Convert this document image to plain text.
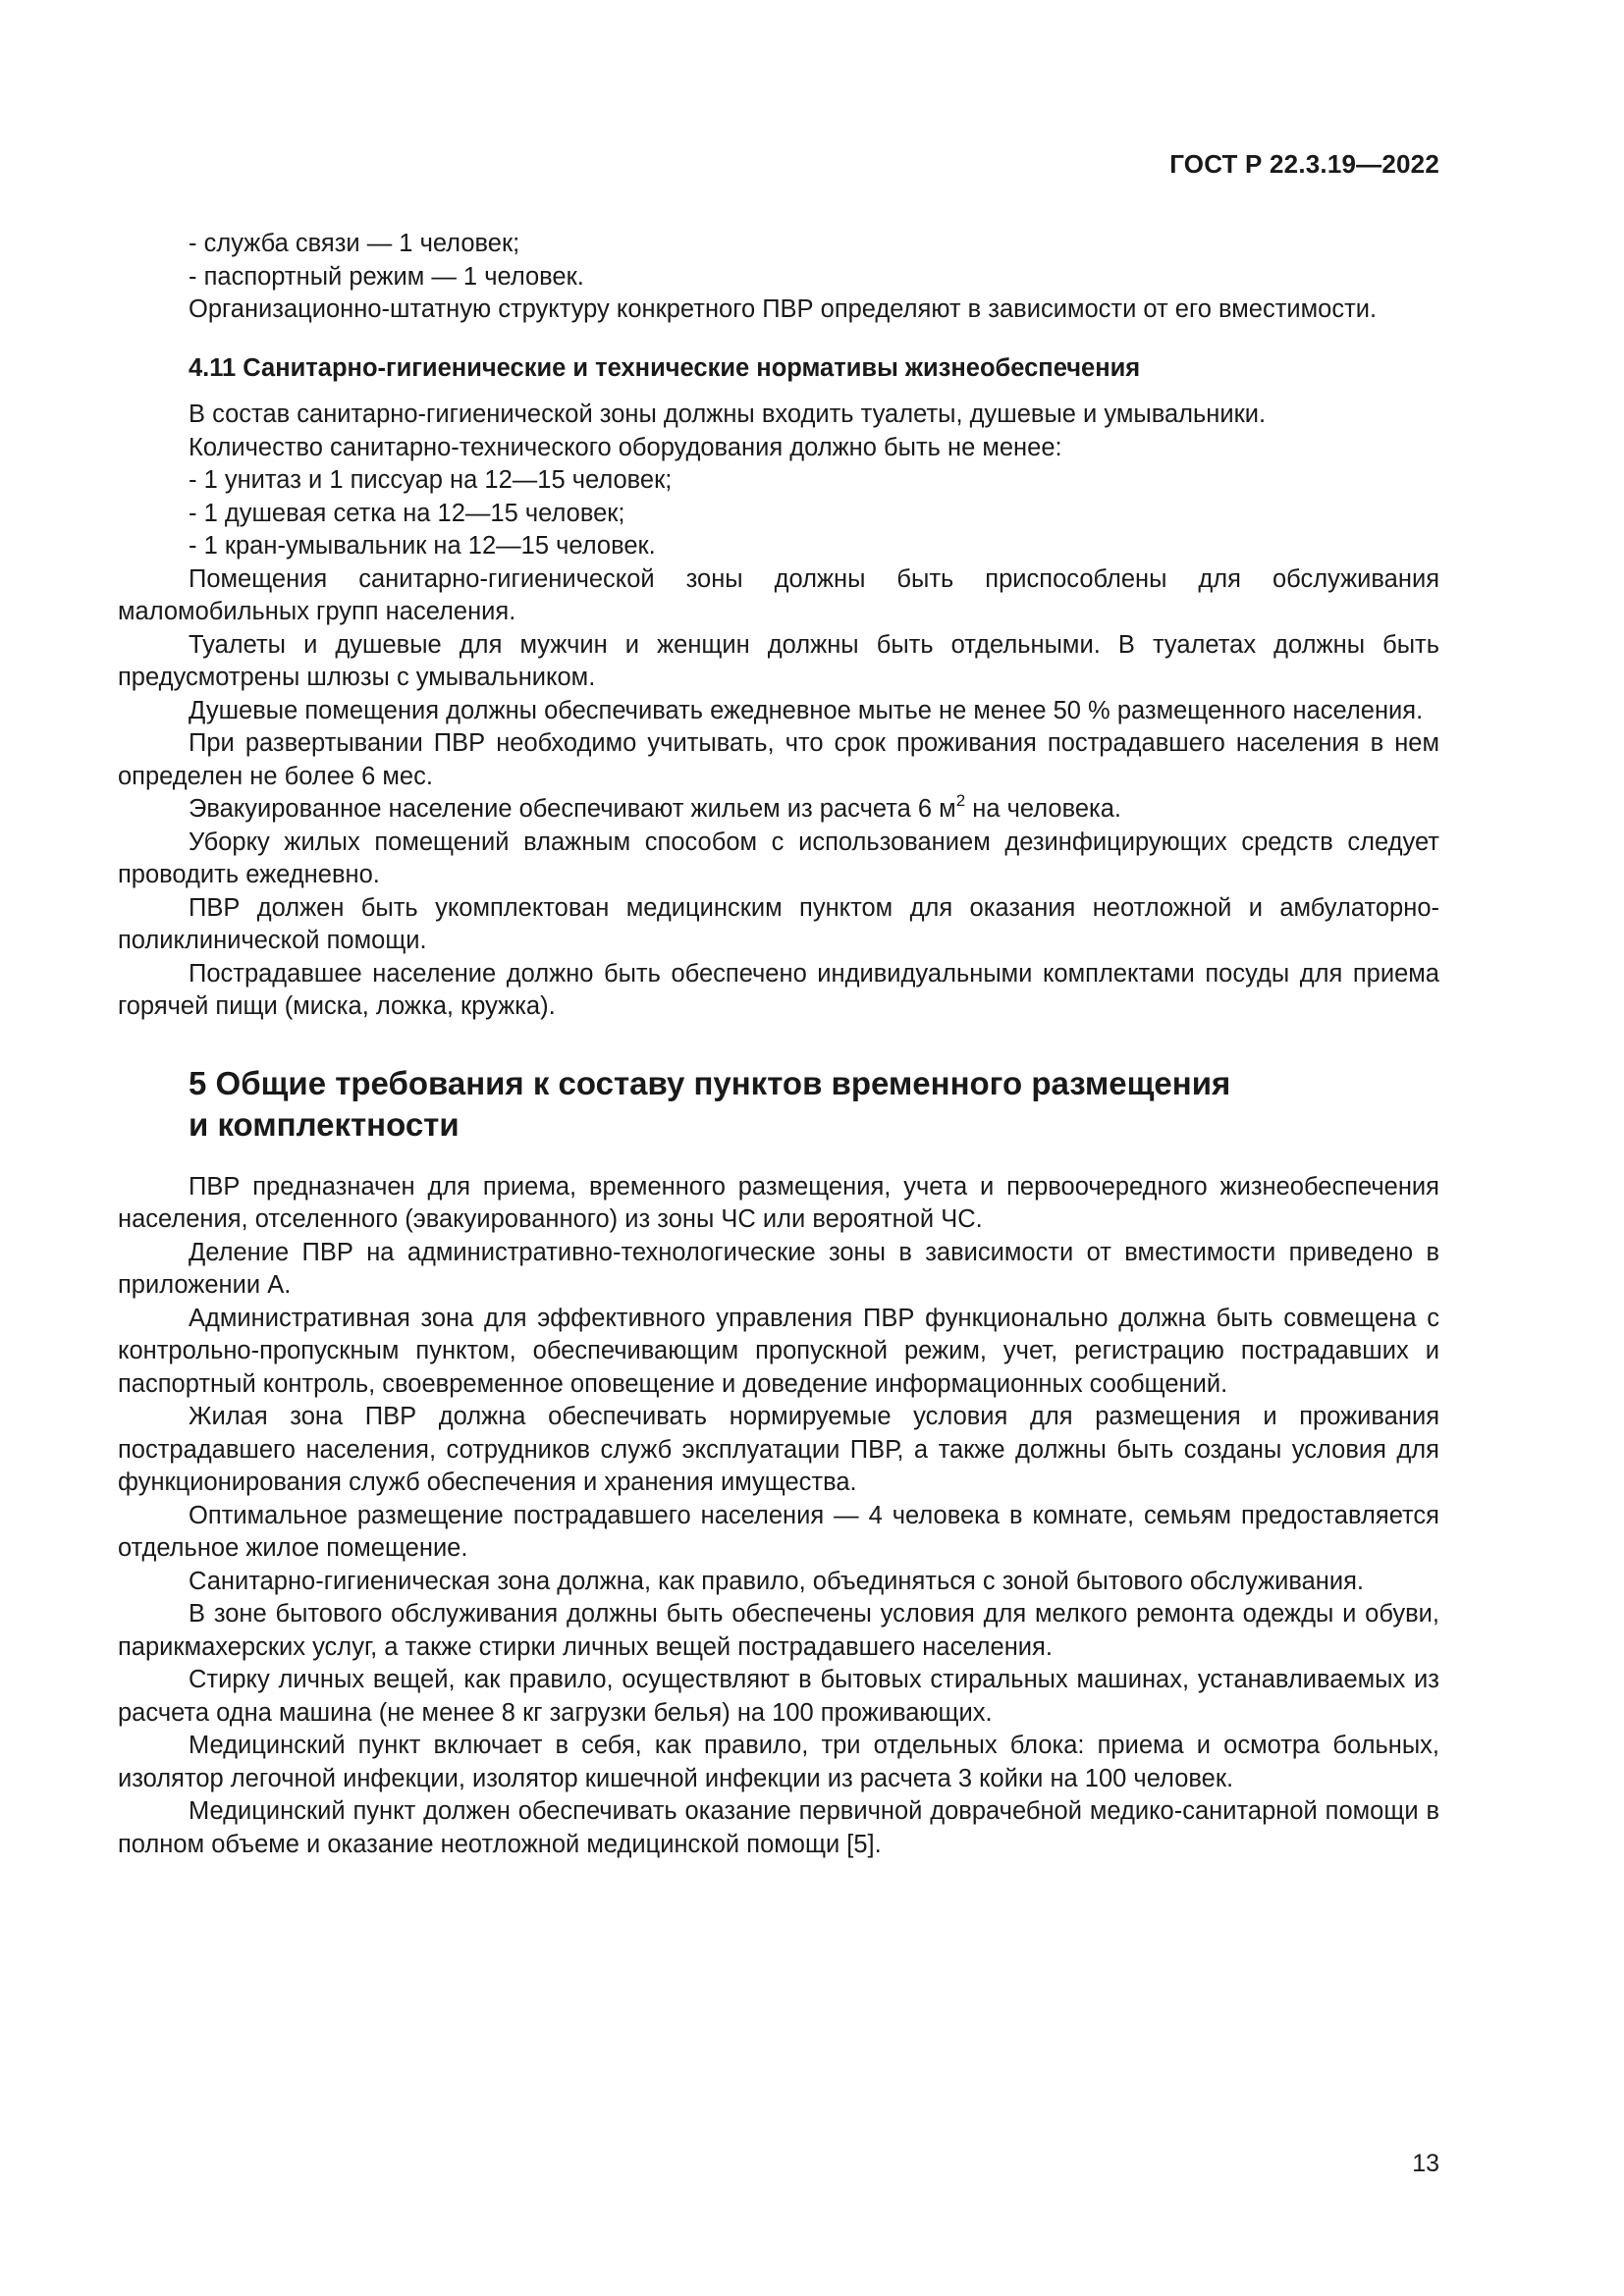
ГОСТ Р 22.3.19—2022

- служба связи — 1 человек;

- паспортный режим — 1 человек.

Организационно-штатную структуру конкретного ПВР определяют в зависимости от его вместимости.

4.11 Санитарно-гигиенические и технические нормативы жизнеобеспечения

В состав санитарно-гигиенической зоны должны входить туалеты, душевые и умывальники.

Количество санитарно-технического оборудования должно быть не менее:

- 1 унитаз и 1 писсуар на 12—15 человек;

- 1 душевая сетка на 12—15 человек;

- 1 кран-умывальник на 12—15 человек.

Помещения санитарно-гигиенической зоны должны быть приспособлены для обслуживания маломобильных групп населения.

Туалеты и душевые для мужчин и женщин должны быть отдельными. В туалетах должны быть предусмотрены шлюзы с умывальником.

Душевые помещения должны обеспечивать ежедневное мытье не менее 50 % размещенного населения.

При развертывании ПВР необходимо учитывать, что срок проживания пострадавшего населения в нем определен не более 6 мес.

Эвакуированное население обеспечивают жильем из расчета 6 $м^2$ на человека.

Уборку жилых помещений влажным способом с использованием дезинфицирующих средств следует проводить ежедневно.

ПВР должен быть укомплектован медицинским пунктом для оказания неотложной и амбулаторно-поликлинической помощи.

Пострадавшее население должно быть обеспечено индивидуальными комплектами посуды для приема горячей пищи (миска, ложка, кружка).

5 Общие требования к составу пунктов временного размещения

и комплектности

ПВР предназначен для приема, временного размещения, учета и первоочередного жизнеобеспечения населения, отселенного (эвакуированного) из зоны ЧС или вероятной ЧС.

Деление ПВР на административно-технологические зоны в зависимости от вместимости приведено в приложении А.

Административная зона для эффективного управления ПВР функционально должна быть совмещена с контрольно-пропускным пунктом, обеспечивающим пропускной режим, учет, регистрацию пострадавших и паспортный контроль, своевременное оповещение и доведение информационных сообщений.

Жилая зона ПВР должна обеспечивать нормируемые условия для размещения и проживания пострадавшего населения, сотрудников служб эксплуатации ПВР, а также должны быть созданы условия для функционирования служб обеспечения и хранения имущества.

Оптимальное размещение пострадавшего населения — 4 человека в комнате, семьям предоставляется отдельное жилое помещение.

Санитарно-гигиеническая зона должна, как правило, объединяться с зоной бытового обслуживания.

В зоне бытового обслуживания должны быть обеспечены условия для мелкого ремонта одежды и обуви, парикмахерских услуг, а также стирки личных вещей пострадавшего населения.

Стирку личных вещей, как правило, осуществляют в бытовых стиральных машинах, устанавливаемых из расчета одна машина (не менее 8 кг загрузки белья) на 100 проживающих.

Медицинский пункт включает в себя, как правило, три отдельных блока: приема и осмотра больных, изолятор легочной инфекции, изолятор кишечной инфекции из расчета 3 койки на 100 человек.

Медицинский пункт должен обеспечивать оказание первичной доврачебной медико-санитарной помощи в полном объеме и оказание неотложной медицинской помощи [5].

13
